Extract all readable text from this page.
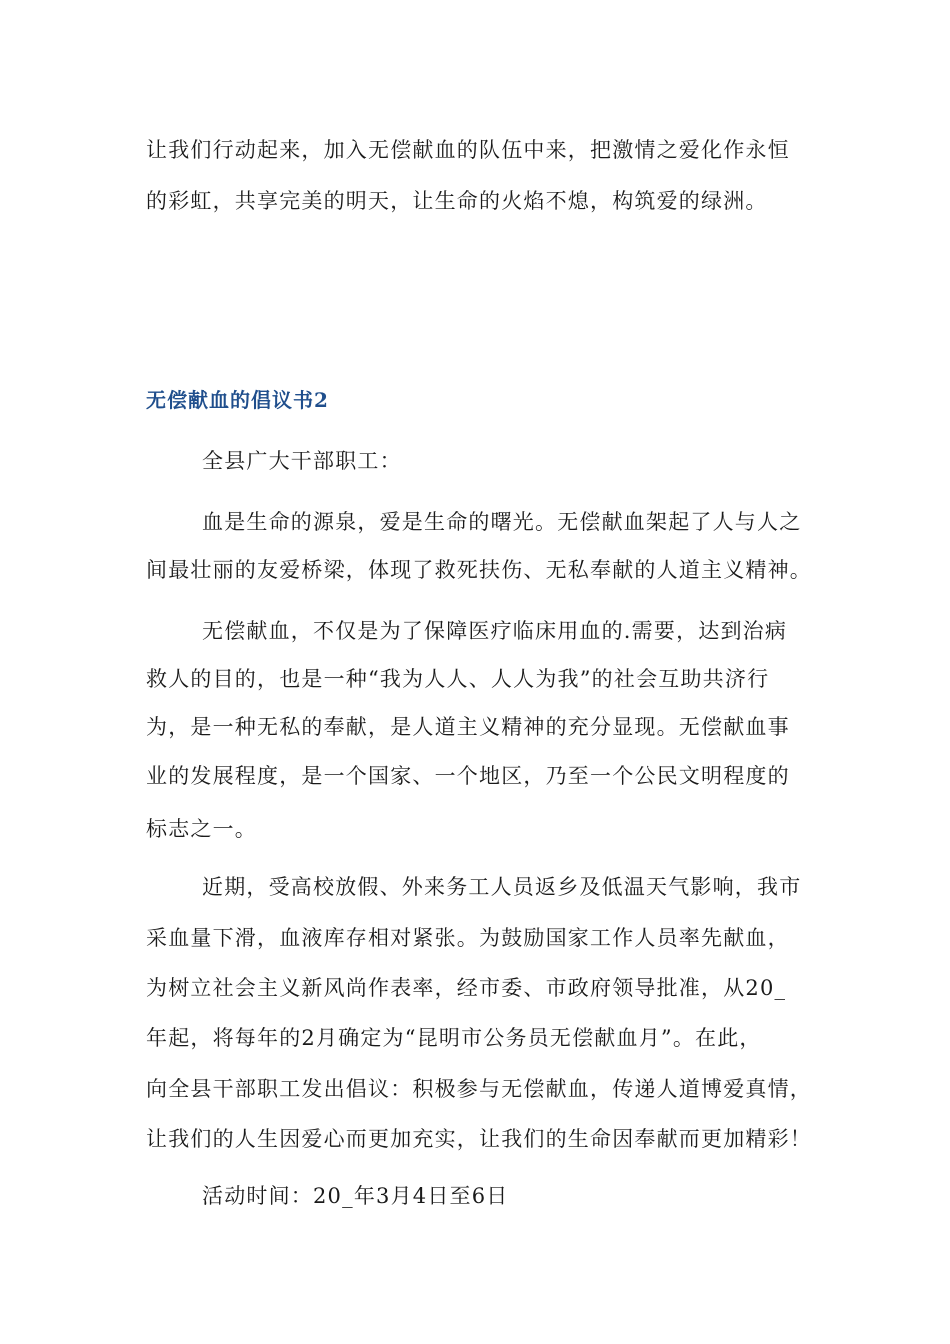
让我们行动起来，加入无偿献血的队伍中来，把激情之爱化作永恒
的彩虹，共享完美的明天，让生命的火焰不熄，构筑爱的绿洲。
无偿献血的倡议书2
全县广大干部职工：
血是生命的源泉，爱是生命的曙光。无偿献血架起了人与人之
间最壮丽的友爱桥梁，体现了救死扶伤、无私奉献的人道主义精神。
无偿献血，不仅是为了保障医疗临床用血的.需要，达到治病
救人的目的，也是一种“我为人人、人人为我”的社会互助共济行
为，是一种无私的奉献，是人道主义精神的充分显现。无偿献血事
业的发展程度，是一个国家、一个地区，乃至一个公民文明程度的
标志之一。
近期，受高校放假、外来务工人员返乡及低温天气影响，我市
采血量下滑，血液库存相对紧张。为鼓励国家工作人员率先献血，
为树立社会主义新风尚作表率，经市委、市政府领导批准，从20_
年起，将每年的2月确定为“昆明市公务员无偿献血月”。在此，
向全县干部职工发出倡议：积极参与无偿献血，传递人道博爱真情，
让我们的人生因爱心而更加充实，让我们的生命因奉献而更加精彩！
活动时间：20_年3月4日至6日
